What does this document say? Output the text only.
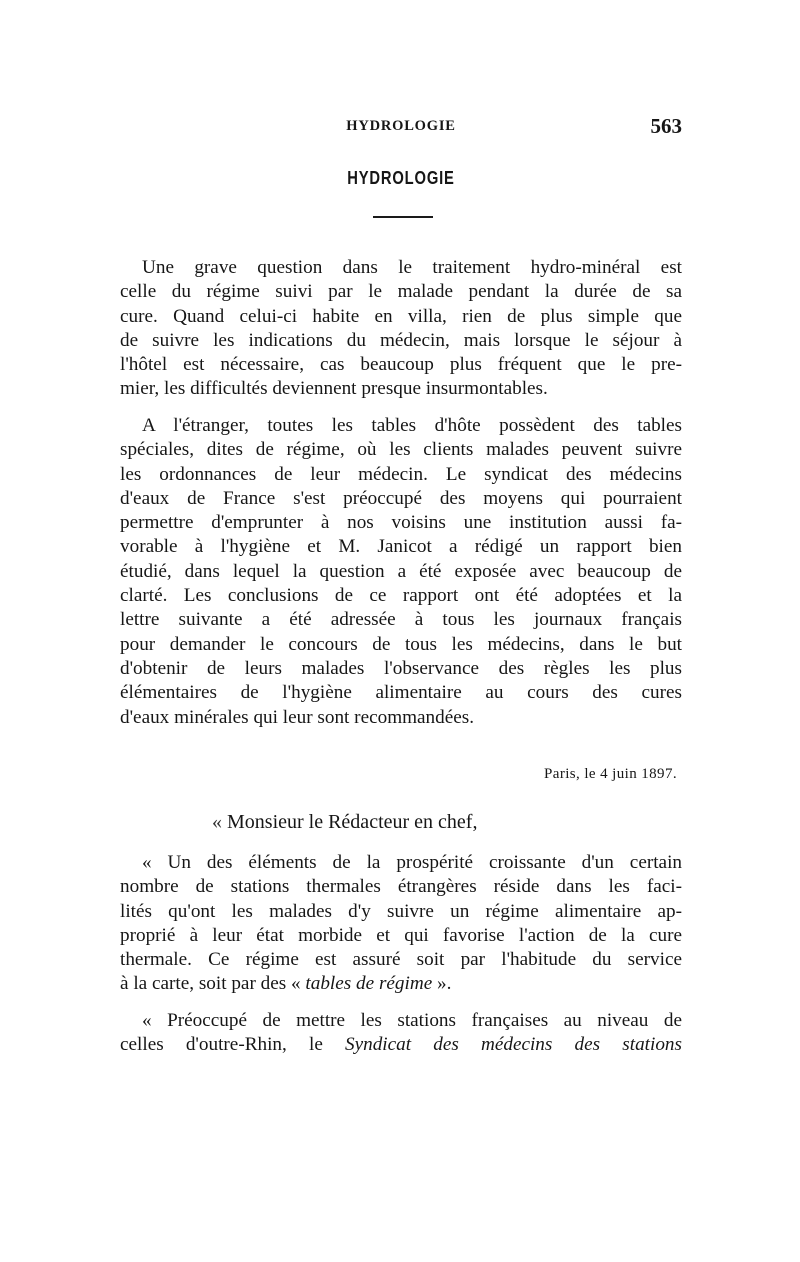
HYDROLOGIE	563
HYDROLOGIE
Une grave question dans le traitement hydro-minéral est
celle du régime suivi par le malade pendant la durée de sa
cure. Quand celui-ci habite en villa, rien de plus simple que
de suivre les indications du médecin, mais lorsque le séjour à
l'hôtel est nécessaire, cas beaucoup plus fréquent que le pre-
mier, les difficultés deviennent presque insurmontables.
A l'étranger, toutes les tables d'hôte possèdent des tables
spéciales, dites de régime, où les clients malades peuvent suivre
les ordonnances de leur médecin. Le syndicat des médecins
d'eaux de France s'est préoccupé des moyens qui pourraient
permettre d'emprunter à nos voisins une institution aussi fa-
vorable à l'hygiène et M. Janicot a rédigé un rapport bien
étudié, dans lequel la question a été exposée avec beaucoup de
clarté. Les conclusions de ce rapport ont été adoptées et la
lettre suivante a été adressée à tous les journaux français
pour demander le concours de tous les médecins, dans le but
d'obtenir de leurs malades l'observance des règles les plus
élémentaires de l'hygiène alimentaire au cours des cures
d'eaux minérales qui leur sont recommandées.
Paris, le 4 juin 1897.
« Monsieur le Rédacteur en chef,
« Un des éléments de la prospérité croissante d'un certain
nombre de stations thermales étrangères réside dans les faci-
lités qu'ont les malades d'y suivre un régime alimentaire ap-
proprié à leur état morbide et qui favorise l'action de la cure
thermale. Ce régime est assuré soit par l'habitude du service
à la carte, soit par des « tables de régime ».
« Préoccupé de mettre les stations françaises au niveau de
celles d'outre-Rhin, le Syndicat des médecins des stations
